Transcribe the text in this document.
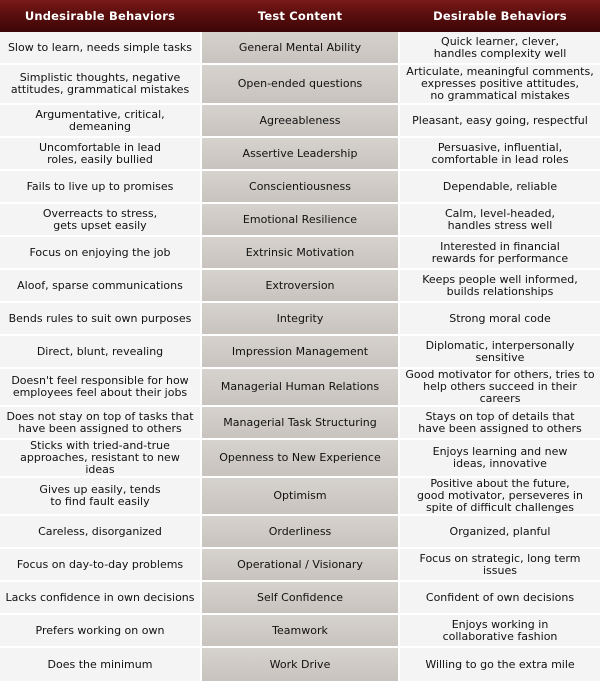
Undesirable Behaviors	Test Content	Desirable Behaviors
Slow to learn, needs simple tasks	General Mental Ability	Quick learner, clever,
handles complexity well
Simplistic thoughts, negative
attitudes, grammatical mistakes	Open-ended questions	Articulate, meaningful comments,
expresses positive attitudes,
no grammatical mistakes
Argumentative, critical, demeaning	Agreeableness	Pleasant, easy going, respectful
Uncomfortable in lead
roles, easily bullied	Assertive Leadership	Persuasive, influential,
comfortable in lead roles
Fails to live up to promises	Conscientiousness	Dependable, reliable
Overreacts to stress,
gets upset easily	Emotional Resilience	Calm, level-headed,
handles stress well
Focus on enjoying the job	Extrinsic Motivation	Interested in financial
rewards for performance
Aloof, sparse communications	Extroversion	Keeps people well informed,
builds relationships
Bends rules to suit own purposes	Integrity	Strong moral code
Direct, blunt, revealing	Impression Management	Diplomatic, interpersonally sensitive
Doesn't feel responsible for how
employees feel about their jobs	Managerial Human Relations	Good motivator for others, tries to
help others succeed in their careers
Does not stay on top of tasks that
have been assigned to others	Managerial Task Structuring	Stays on top of details that
have been assigned to others
Sticks with tried-and-true
approaches, resistant to new ideas	Openness to New Experience	Enjoys learning and new
ideas, innovative
Gives up easily, tends
to find fault easily	Optimism	Positive about the future,
good motivator, perseveres in
spite of difficult challenges
Careless, disorganized	Orderliness	Organized, planful
Focus on day-to-day problems	Operational / Visionary	Focus on strategic, long term issues
Lacks confidence in own decisions	Self Confidence	Confident of own decisions
Prefers working on own	Teamwork	Enjoys working in
collaborative fashion
Does the minimum	Work Drive	Willing to go the extra mile
